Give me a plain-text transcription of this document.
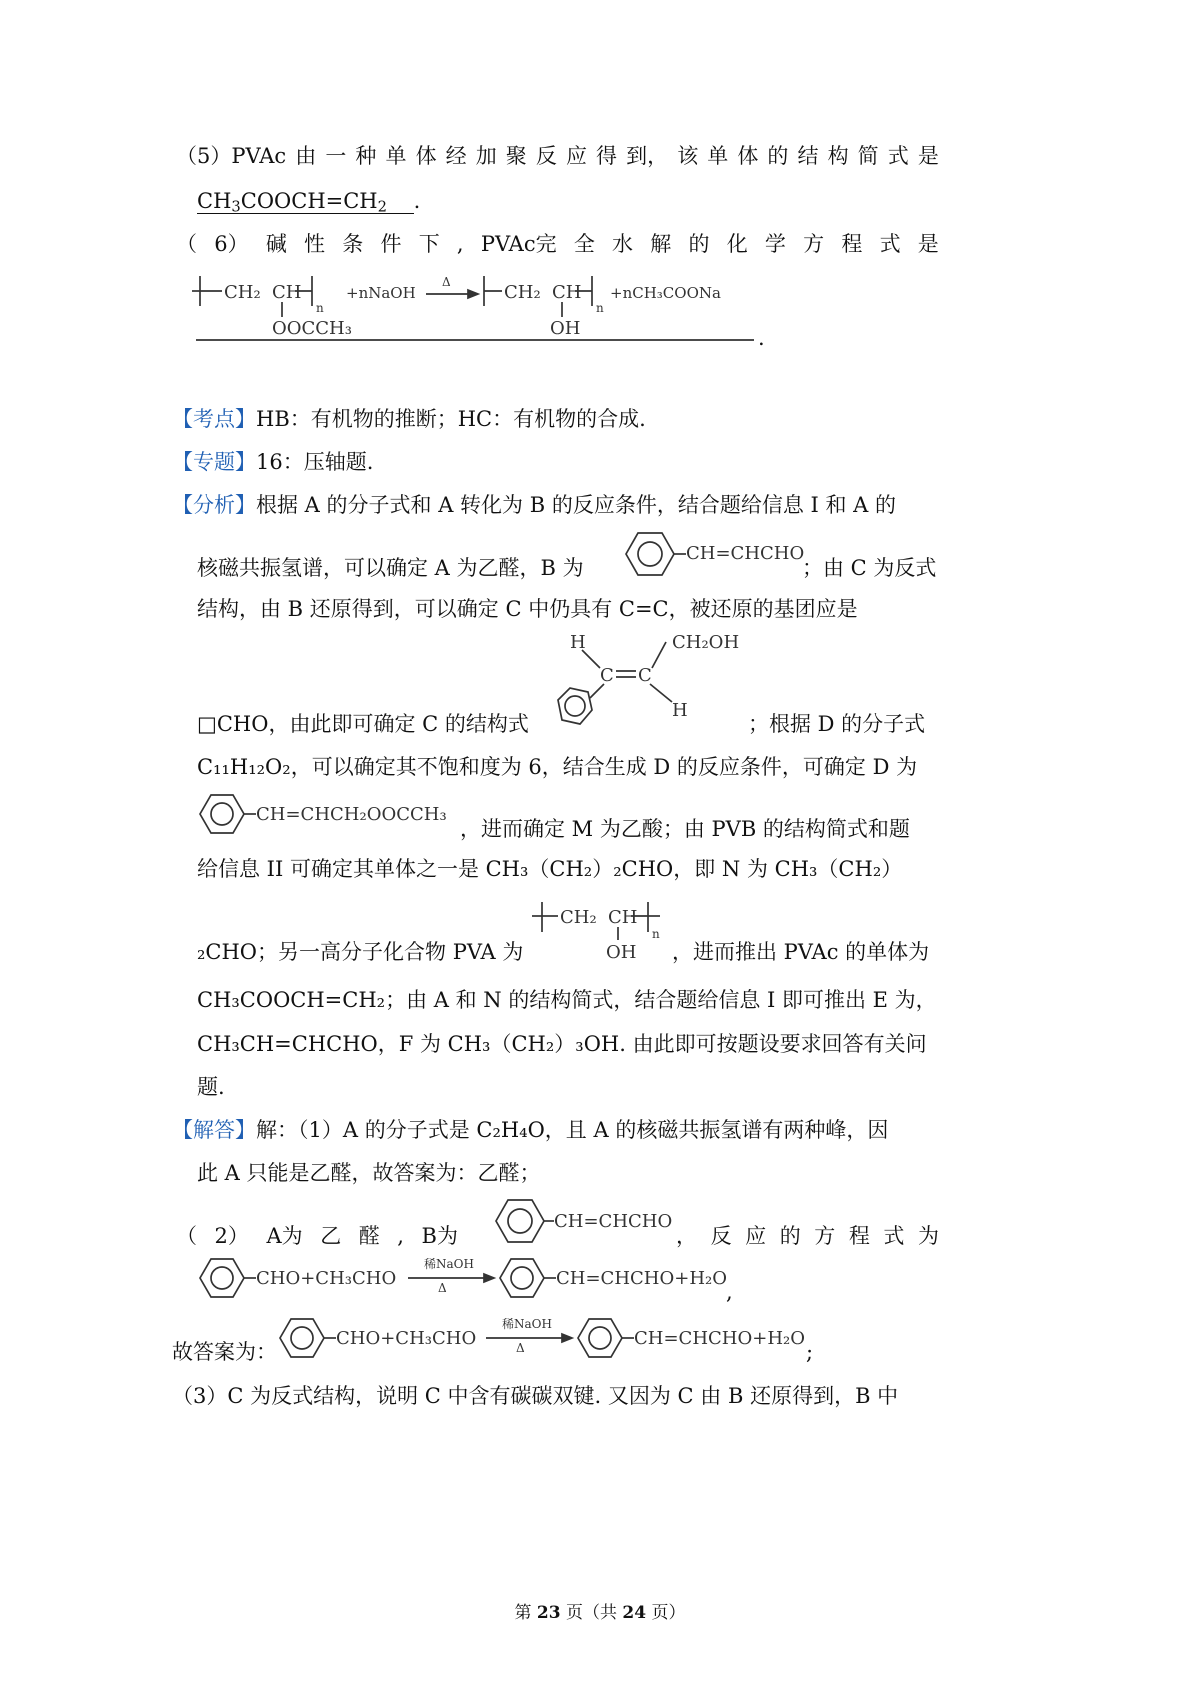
（5）PVAc 由 一 种 单 体 经 加 聚 反 应 得 到， 该 单 体 的 结 构 简 式 是
$CH_3COOCH=CH_2$ .
（ 6） 碱 性 条 件 下 , PVAc完 全 水 解 的 化 学 方 程 式 是
CH₂ CH
n
OOCCH₃
+nNaOH
Δ	CH₂ CH
n
OH
+nCH₃COONa
.
【考点】HB：有机物的推断；HC：有机物的合成.
【专题】16：压轴题.
【分析】根据 A 的分子式和 A 转化为 B 的反应条件，结合题给信息 I 和 A 的
核磁共振氢谱，可以确定 A 为乙醛，B 为
CH=CHCHO
；由 C 为反式
结构，由 B 还原得到，可以确定 C 中仍具有 C=C，被还原的基团应是
H	CH₂OH
C C
H
□CHO，由此即可确定 C 的结构式	；根据 D 的分子式
C₁₁H₁₂O₂，可以确定其不饱和度为 6，结合生成 D 的反应条件，可确定 D 为
CH=CHCH₂OOCCH₃
，进而确定 M 为乙酸；由 PVB 的结构简式和题
给信息 II 可确定其单体之一是 CH₃（CH₂）₂CHO，即 N 为 CH₃（CH₂）
CH₂ CH
n
OH
₂CHO；另一高分子化合物 PVA 为	，进而推出 PVAc 的单体为
CH₃COOCH=CH₂；由 A 和 N 的结构简式，结合题给信息 I 即可推出 E 为，
CH₃CH=CHCHO，F 为 CH₃（CH₂）₃OH. 由此即可按题设要求回答有关问
题.
【解答】解：（1）A 的分子式是 C₂H₄O，且 A 的核磁共振氢谱有两种峰，因
此 A 只能是乙醛，故答案为：乙醛；
（ 2） A为 乙 醛 , B为
CH=CHCHO
， 反 应 的 方 程 式 为
CHO+CH₃CHO
稀NaOH
Δ	CH=CHCHO+H₂O
,
故答案为：
CHO+CH₃CHO
稀NaOH
Δ	CH=CHCHO+H₂O
;
（3）C 为反式结构，说明 C 中含有碳碳双键. 又因为 C 由 B 还原得到，B 中
第 23 页（共 24 页）
